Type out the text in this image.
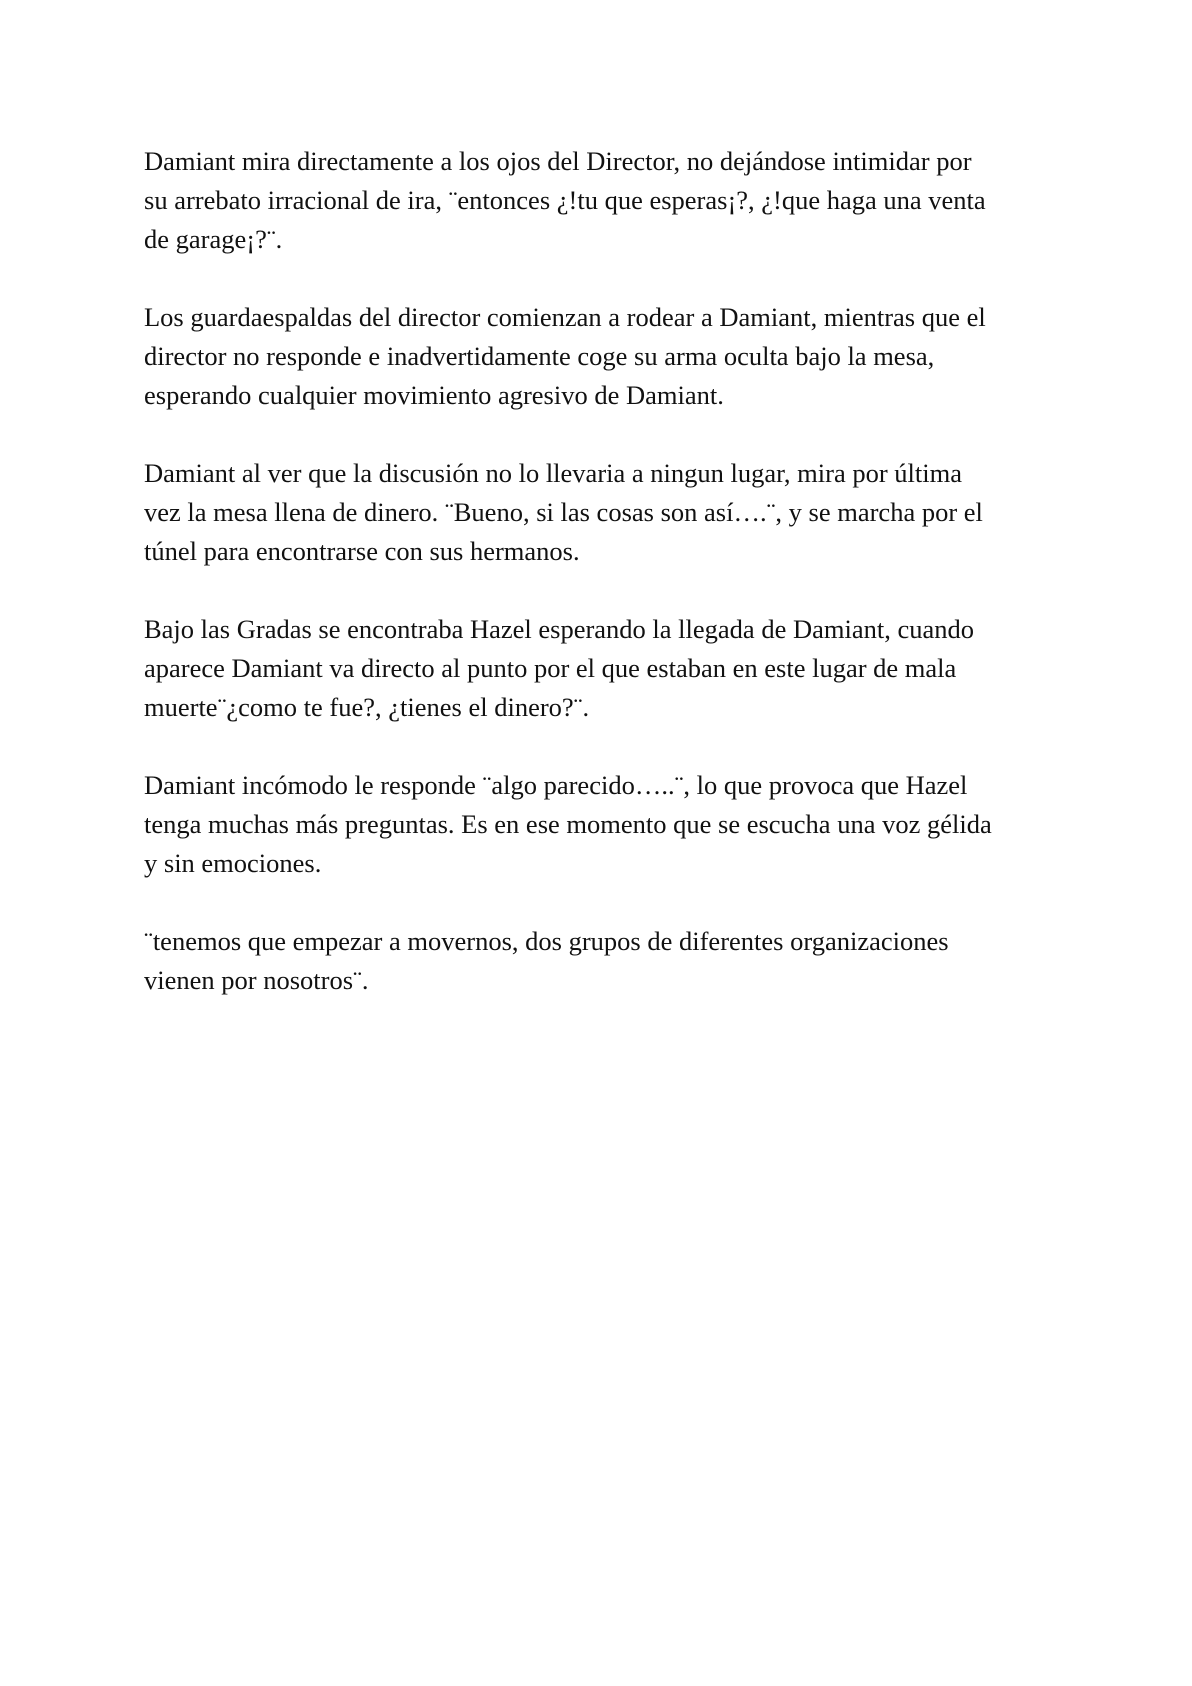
Damiant mira directamente a los ojos del Director, no dejándose intimidar por
su arrebato irracional de ira, ¨entonces ¿!tu que esperas¡?, ¿!que haga una venta
de garage¡?¨.

Los guardaespaldas del director comienzan a rodear a Damiant, mientras que el
director no responde e inadvertidamente coge su arma oculta bajo la mesa,
esperando cualquier movimiento agresivo de Damiant.

Damiant al ver que la discusión no lo llevaria a ningun lugar, mira por última
vez la mesa llena de dinero. ¨Bueno, si las cosas son así….¨, y se marcha por el
túnel para encontrarse con sus hermanos.

Bajo las Gradas se encontraba Hazel esperando la llegada de Damiant, cuando
aparece Damiant va directo al punto por el que estaban en este lugar de mala
muerte¨¿como te fue?, ¿tienes el dinero?¨.

Damiant incómodo le responde ¨algo parecido…..¨, lo que provoca que Hazel
tenga muchas más preguntas. Es en ese momento que se escucha una voz gélida
y sin emociones.

¨tenemos que empezar a movernos, dos grupos de diferentes organizaciones
vienen por nosotros¨.
